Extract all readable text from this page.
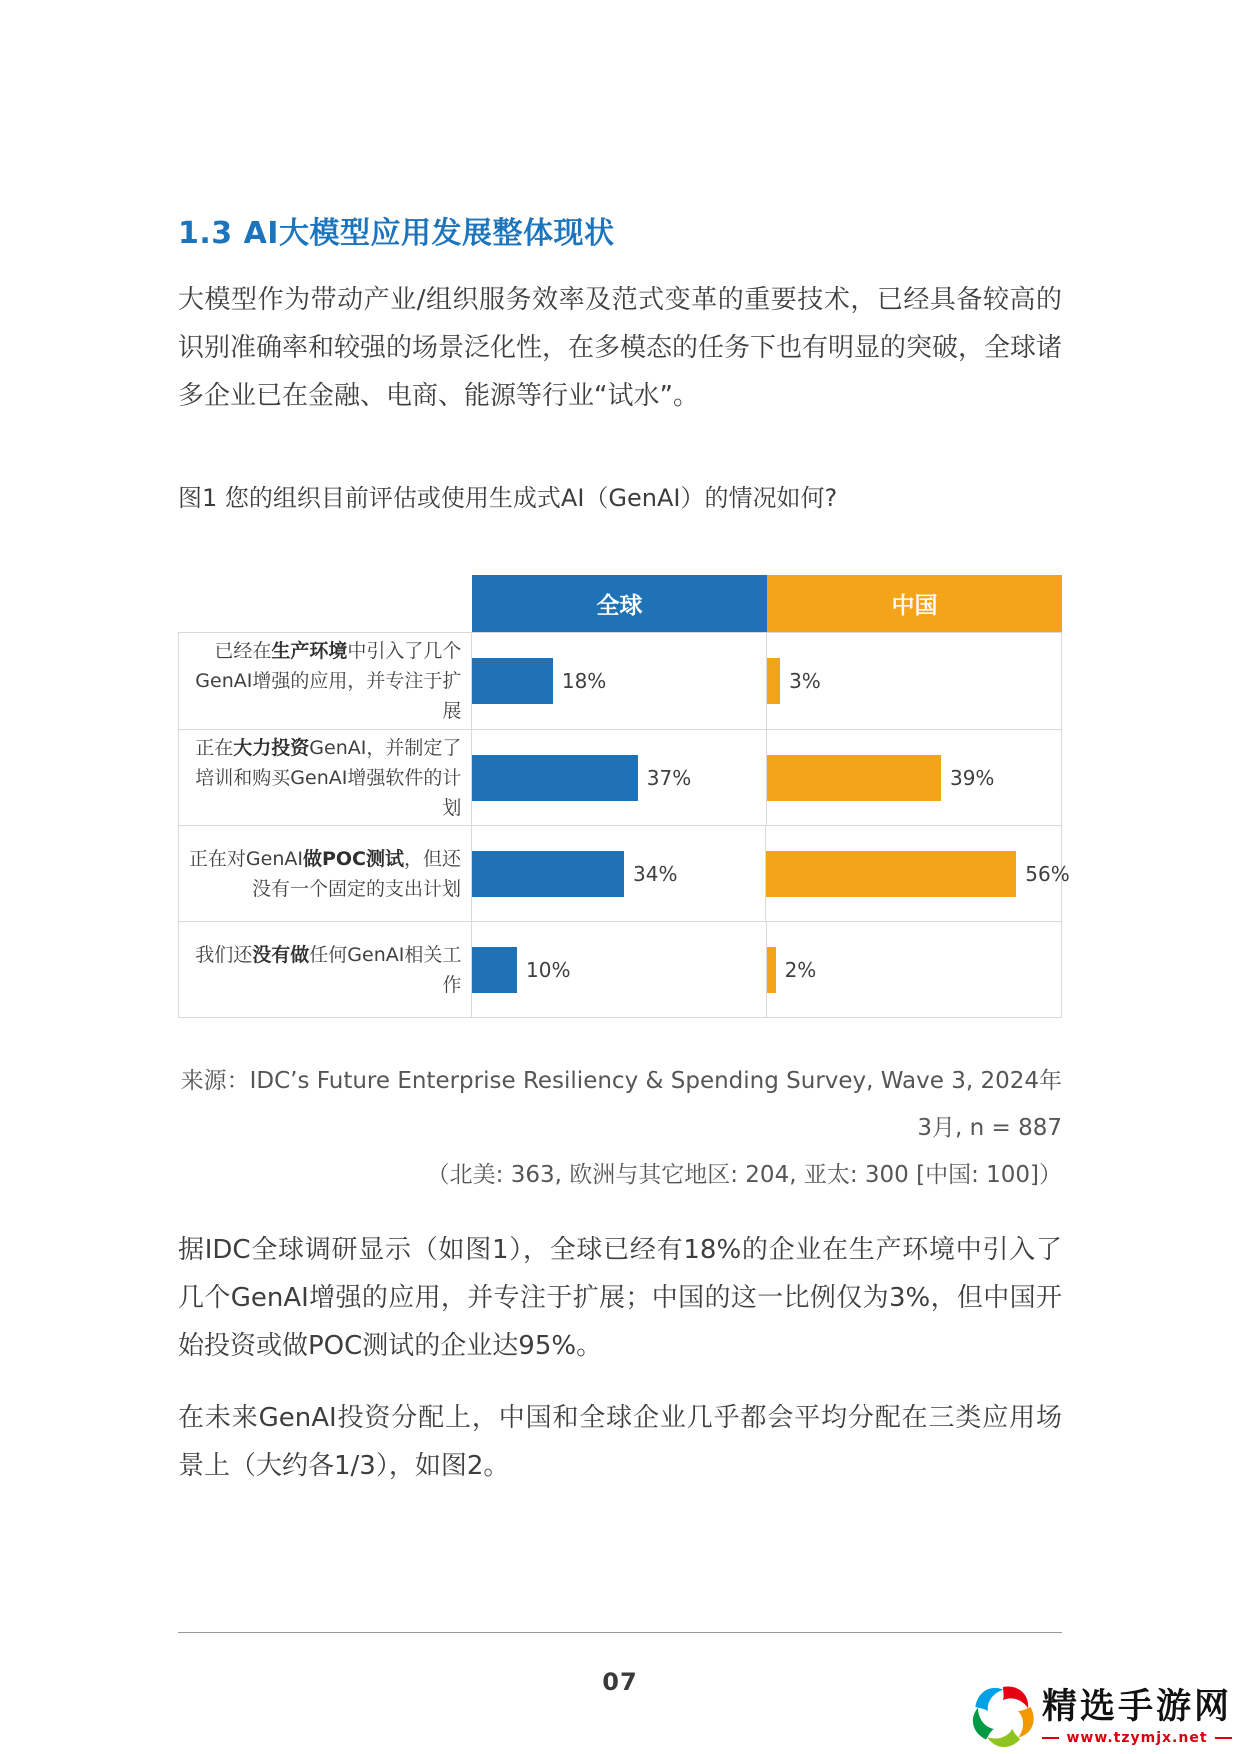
1.3 AI大模型应用发展整体现状

大模型作为带动产业/组织服务效率及范式变革的重要技术，已经具备较高的识别准确率和较强的场景泛化性，在多模态的任务下也有明显的突破，全球诸多企业已在金融、电商、能源等行业“试水”。

图1 您的组织目前评估或使用生成式AI（GenAI）的情况如何?
全球	中国
已经在生产环境中引入了几个GenAI增强的应用，并专注于扩展
18%	3%
正在大力投资GenAI，并制定了培训和购买GenAI增强软件的计划
37%	39%
正在对GenAI做POC测试，但还没有一个固定的支出计划
34%	56%
我们还没有做任何GenAI相关工作
10%	2%
来源：IDC’s Future Enterprise Resiliency & Spending Survey, Wave 3, 2024年3月, n = 887
（北美: 363, 欧洲与其它地区: 204, 亚太: 300 [中国: 100]）

据IDC全球调研显示（如图1），全球已经有18%的企业在生产环境中引入了几个GenAI增强的应用，并专注于扩展；中国的这一比例仅为3%，但中国开始投资或做POC测试的企业达95%。

在未来GenAI投资分配上，中国和全球企业几乎都会平均分配在三类应用场景上（大约各1/3），如图2。

07
精选手游网
www.tzymjx.net
